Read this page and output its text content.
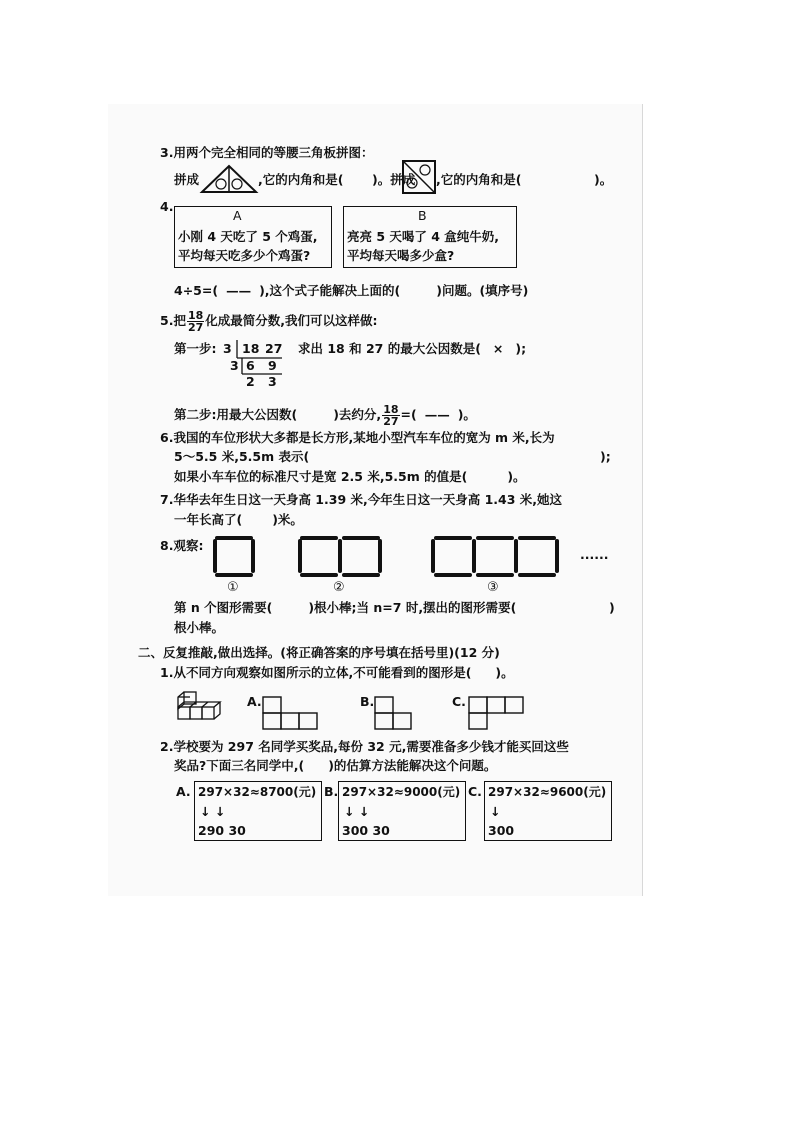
3.用两个完全相同的等腰三角板拼图：
拼成	,它的内角和是( )。拼成 ,它的内角和是(	)。
4.
A
小刚 4 天吃了 5 个鸡蛋,
平均每天吃多少个鸡蛋?
B
亮亮 5 天喝了 4 盒纯牛奶,
平均每天喝多少盒?
4÷5=( —— ),这个式子能解决上面的(	)问题。(填序号)
5.把 $\frac{18}{27}$ 化成最简分数,我们可以这样做:
第一步: 3
3
18 27
6 9
2 3
求出 18 和 27 的最大公因数是( × );
第二步:用最大公因数(	)去约分, $\frac{18}{27}$ =( —— )。
6.我国的车位形状大多都是长方形,某地小型汽车车位的宽为 m 米,长为
5～5.5 米,5.5m 表示(	);
如果小车车位的标准尺寸是宽 2.5 米,5.5m 的值是(	)。
7.华华去年生日这一天身高 1.39 米,今年生日这一天身高 1.43 米,她这
一年长高了( )米。
8.观察:
......
①	②	③
第 n 个图形需要(	)根小棒;当 n=7 时,摆出的图形需要(	)
根小棒。
二、反复推敲,做出选择。(将正确答案的序号填在括号里)(12 分)
1.从不同方向观察如图所示的立体,不可能看到的图形是( )。
A.	B.	C.
2.学校要为 297 名同学买奖品,每份 32 元,需要准备多少钱才能买回这些
奖品?下面三名同学中,( )的估算方法能解决这个问题。
A. 297×32≈8700(元)
↓ ↓
290 30
B. 297×32≈9000(元)
↓ ↓
300 30
C. 297×32≈9600(元)
↓
300
